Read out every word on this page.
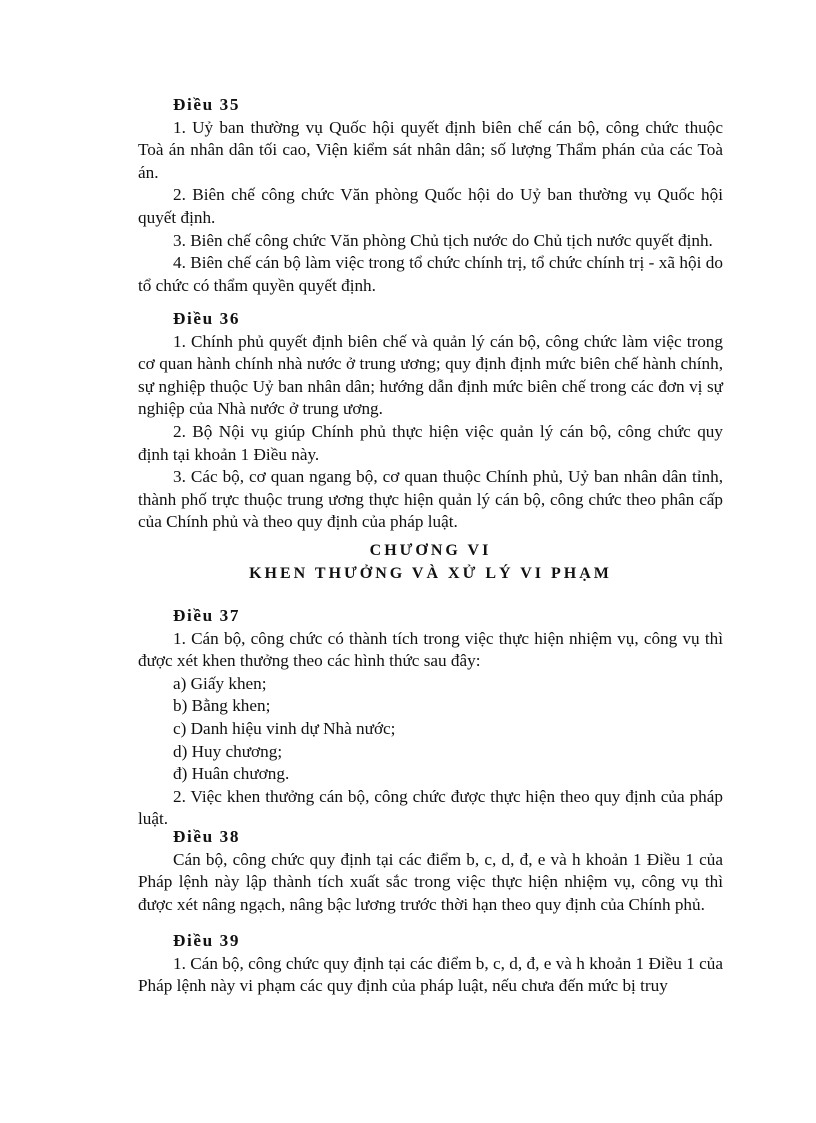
Điều 35
1. Uỷ ban thường vụ Quốc hội quyết định biên chế cán bộ, công chức thuộc Toà án nhân dân tối cao, Viện kiểm sát nhân dân; số lượng Thẩm phán của các Toà án.
2. Biên chế công chức Văn phòng Quốc hội do Uỷ ban thường vụ Quốc hội quyết định.
3. Biên chế công chức Văn phòng Chủ tịch nước do Chủ tịch nước quyết định.
4. Biên chế cán bộ làm việc trong tổ chức chính trị, tổ chức chính trị - xã hội do tổ chức có thẩm quyền quyết định.
Điều 36
1. Chính phủ quyết định biên chế và quản lý cán bộ, công chức làm việc trong cơ quan hành chính nhà nước ở trung ương; quy định định mức biên chế hành chính, sự nghiệp thuộc Uỷ ban nhân dân; hướng dẫn định mức biên chế trong các đơn vị sự nghiệp của Nhà nước ở trung ương.
2. Bộ Nội vụ giúp Chính phủ thực hiện việc quản lý cán bộ, công chức quy định tại khoản 1 Điều này.
3. Các bộ, cơ quan ngang bộ, cơ quan thuộc Chính phủ, Uỷ ban nhân dân tỉnh, thành phố trực thuộc trung ương thực hiện quản lý cán bộ, công chức theo phân cấp của Chính phủ và theo quy định của pháp luật.
CHƯƠNG VI
KHEN THƯỞNG VÀ XỬ LÝ VI PHẠM
Điều 37
1. Cán bộ, công chức có thành tích trong việc thực hiện nhiệm vụ, công vụ thì được xét khen thưởng theo các hình thức sau đây:
a) Giấy khen;
b) Bằng khen;
c) Danh hiệu vinh dự Nhà nước;
d) Huy chương;
đ) Huân chương.
2. Việc khen thưởng cán bộ, công chức được thực hiện theo quy định của pháp luật.
Điều 38
Cán bộ, công chức quy định tại các điểm b, c, d, đ, e và h khoản 1 Điều 1 của Pháp lệnh này lập thành tích xuất sắc trong việc thực hiện nhiệm vụ, công vụ thì được xét nâng ngạch, nâng bậc lương trước thời hạn theo quy định của Chính phủ.
Điều 39
1. Cán bộ, công chức quy định tại các điểm b, c, d, đ, e và h khoản 1 Điều 1 của Pháp lệnh này vi phạm các quy định của pháp luật, nếu chưa đến mức bị truy
